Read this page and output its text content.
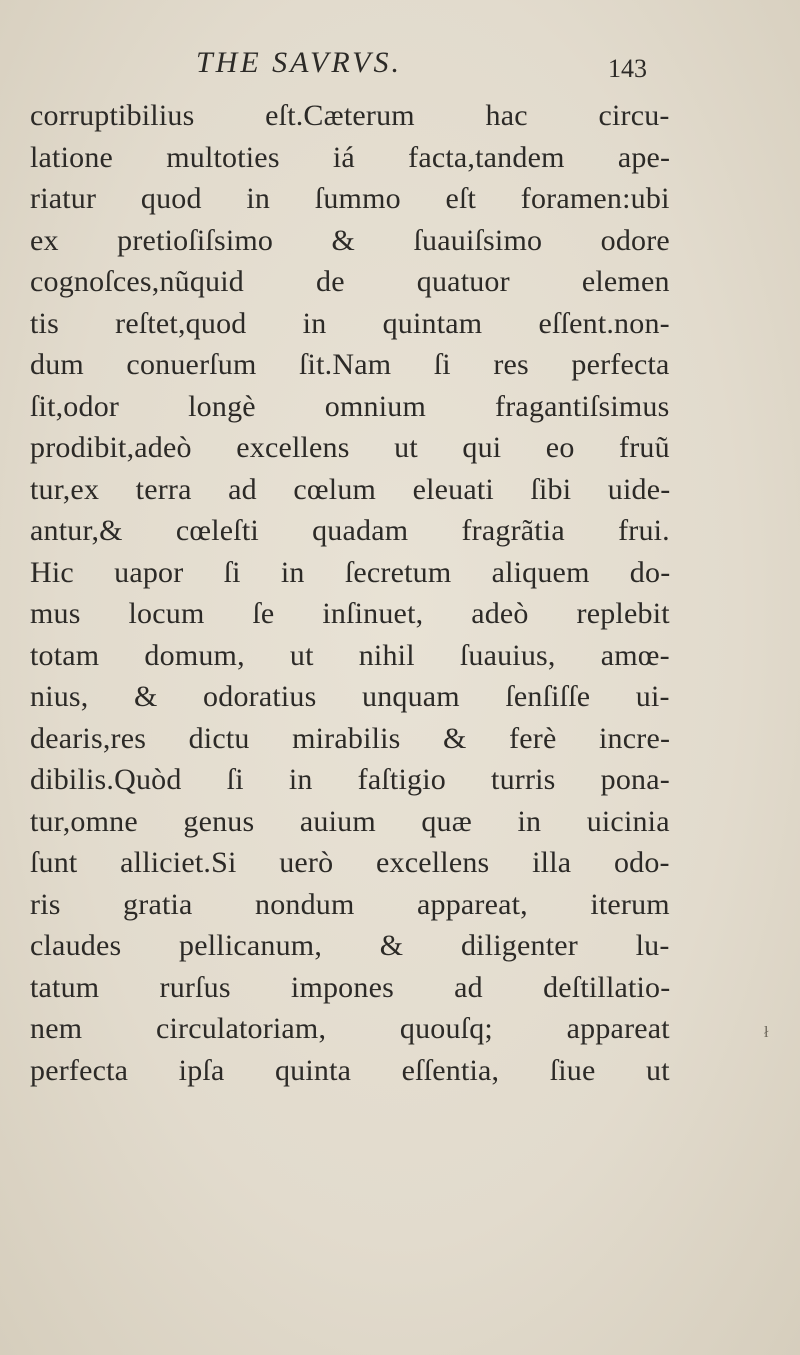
THE SAVRVS.	143
corruptibilius eſt.Cæterum hac circu-
latione multoties iá facta,tandem ape-
riatur quod in ſummo eſt foramen:ubi
ex pretioſiſsimo & ſuauiſsimo odore
cognoſces,nũquid de quatuor elemen
tis reſtet,quod in quintam eſſent.non-
dum conuerſum ſit.Nam ſi res perfecta
ſit,odor longè omnium fragantiſsimus
prodibit,adeò excellens ut qui eo fruũ
tur,ex terra ad cœlum eleuati ſibi uide-
antur,& cœleſti quadam fragrãtia frui.
Hic uapor ſi in ſecretum aliquem do-
mus locum ſe inſinuet, adeò replebit
totam domum, ut nihil ſuauius, amœ-
nius, & odoratius unquam ſenſiſſe ui-
dearis,res dictu mirabilis & ferè incre-
dibilis.Quòd ſi in faſtigio turris pona-
tur,omne genus auium quæ in uicinia
ſunt alliciet.Si uerò excellens illa odo-
ris gratia nondum appareat, iterum
claudes pellicanum, & diligenter lu-
tatum rurſus impones ad deſtillatio-
nem circulatoriam, quouſq; appareat
perfecta ipſa quinta eſſentia, ſiue ut
ł
